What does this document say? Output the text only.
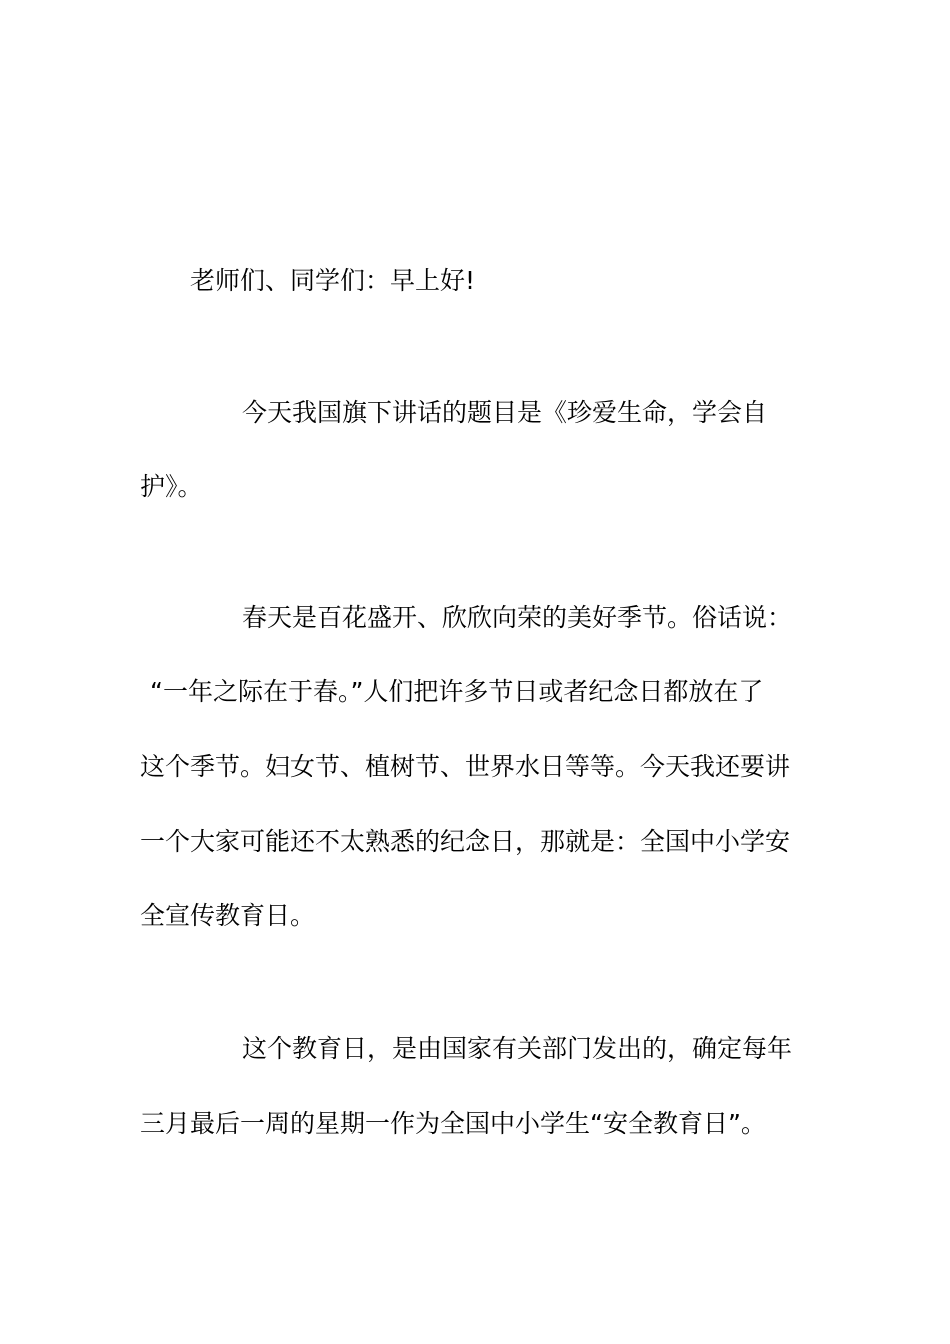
老师们、同学们：早上好!
今天我国旗下讲话的题目是《珍爱生命，学会自
护》。
春天是百花盛开、欣欣向荣的美好季节。俗话说：
“一年之际在于春。”人们把许多节日或者纪念日都放在了
这个季节。妇女节、植树节、世界水日等等。今天我还要讲
一个大家可能还不太熟悉的纪念日，那就是：全国中小学安
全宣传教育日。
这个教育日，是由国家有关部门发出的，确定每年
三月最后一周的星期一作为全国中小学生“安全教育日”。
